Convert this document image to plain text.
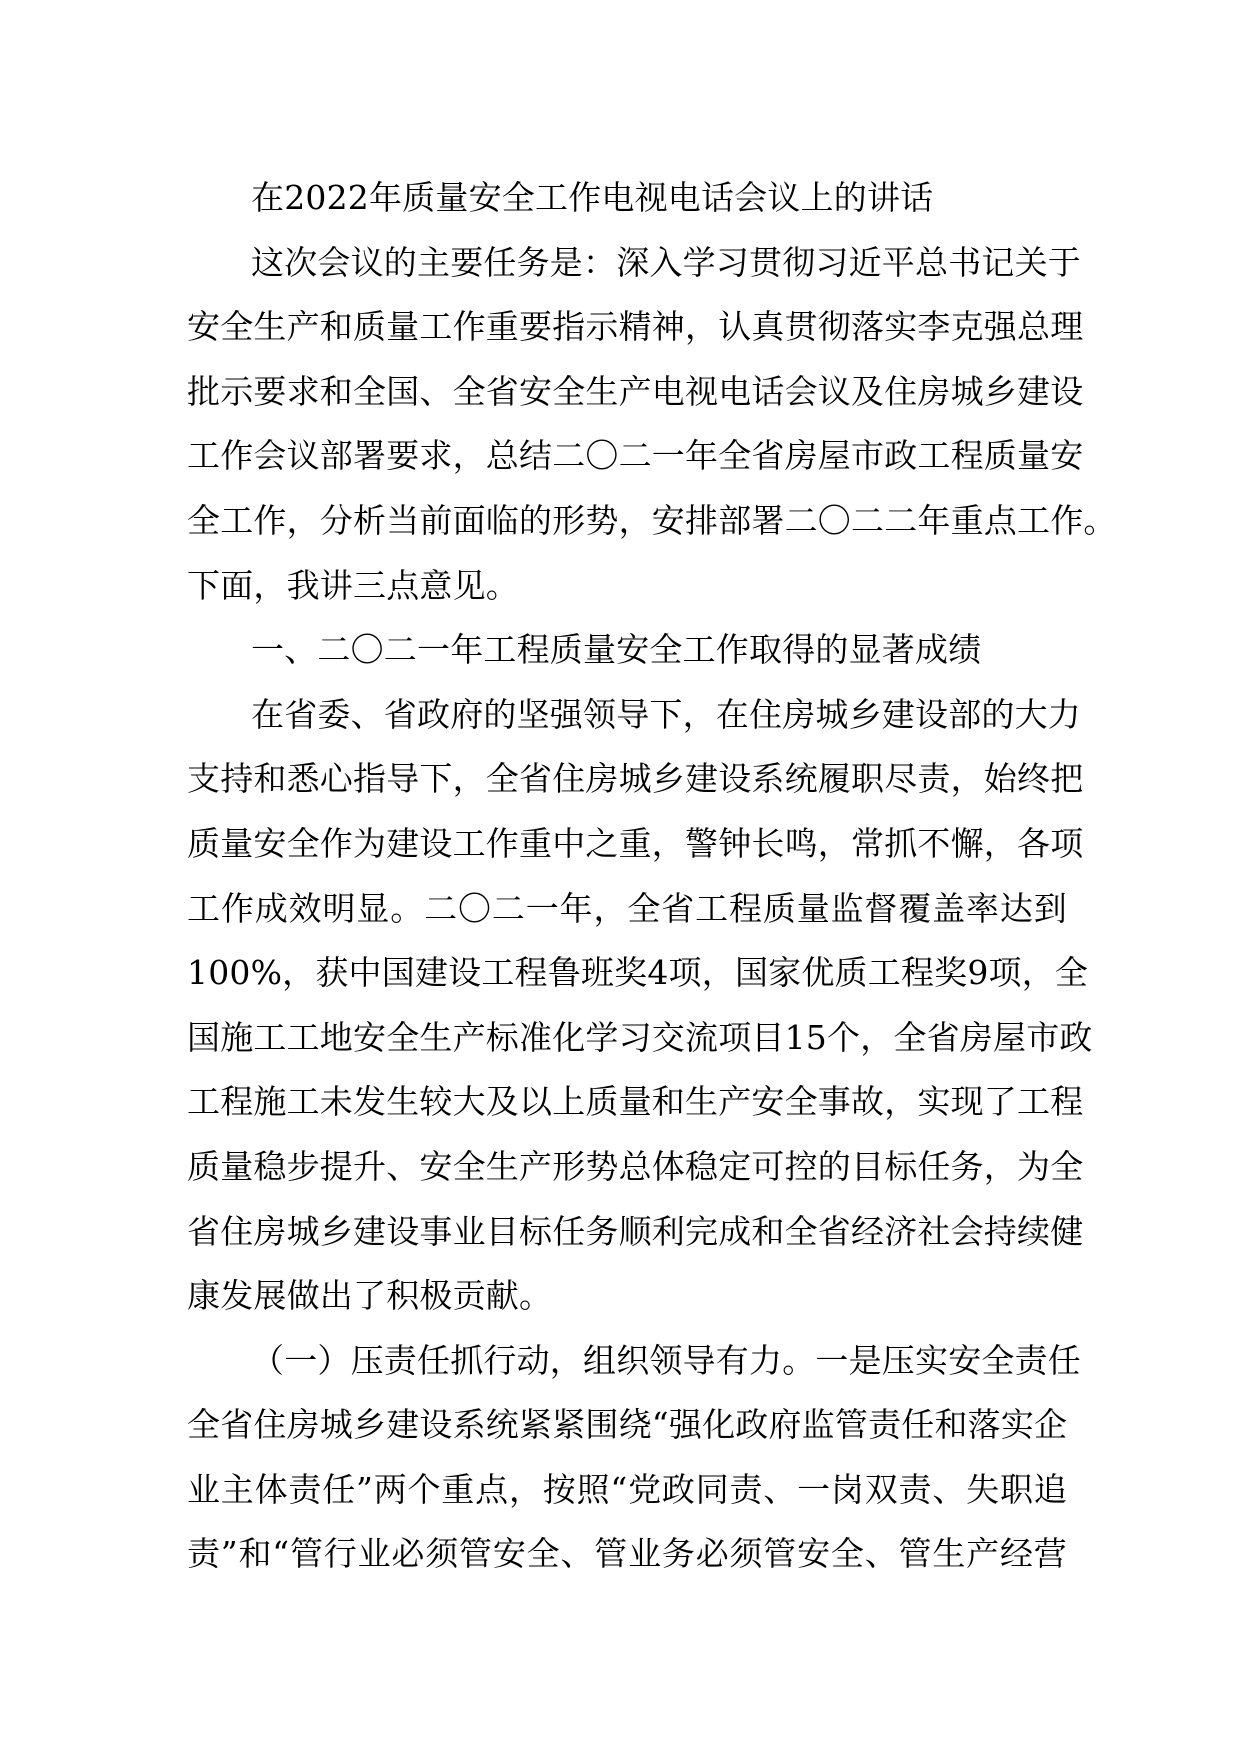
在2022年质量安全工作电视电话会议上的讲话
这次会议的主要任务是：深入学习贯彻习近平总书记关于
安全生产和质量工作重要指示精神，认真贯彻落实李克强总理
批示要求和全国、全省安全生产电视电话会议及住房城乡建设
工作会议部署要求，总结二〇二一年全省房屋市政工程质量安
全工作，分析当前面临的形势，安排部署二〇二二年重点工作。
下面，我讲三点意见。
一、二〇二一年工程质量安全工作取得的显著成绩
在省委、省政府的坚强领导下，在住房城乡建设部的大力
支持和悉心指导下，全省住房城乡建设系统履职尽责，始终把
质量安全作为建设工作重中之重，警钟长鸣，常抓不懈，各项
工作成效明显。二〇二一年，全省工程质量监督覆盖率达到
100%，获中国建设工程鲁班奖4项，国家优质工程奖9项，全
国施工工地安全生产标准化学习交流项目15个，全省房屋市政
工程施工未发生较大及以上质量和生产安全事故，实现了工程
质量稳步提升、安全生产形势总体稳定可控的目标任务，为全
省住房城乡建设事业目标任务顺利完成和全省经济社会持续健
康发展做出了积极贡献。
（一）压责任抓行动，组织领导有力。一是压实安全责任
全省住房城乡建设系统紧紧围绕“强化政府监管责任和落实企
业主体责任”两个重点，按照“党政同责、一岗双责、失职追
责”和“管行业必须管安全、管业务必须管安全、管生产经营
